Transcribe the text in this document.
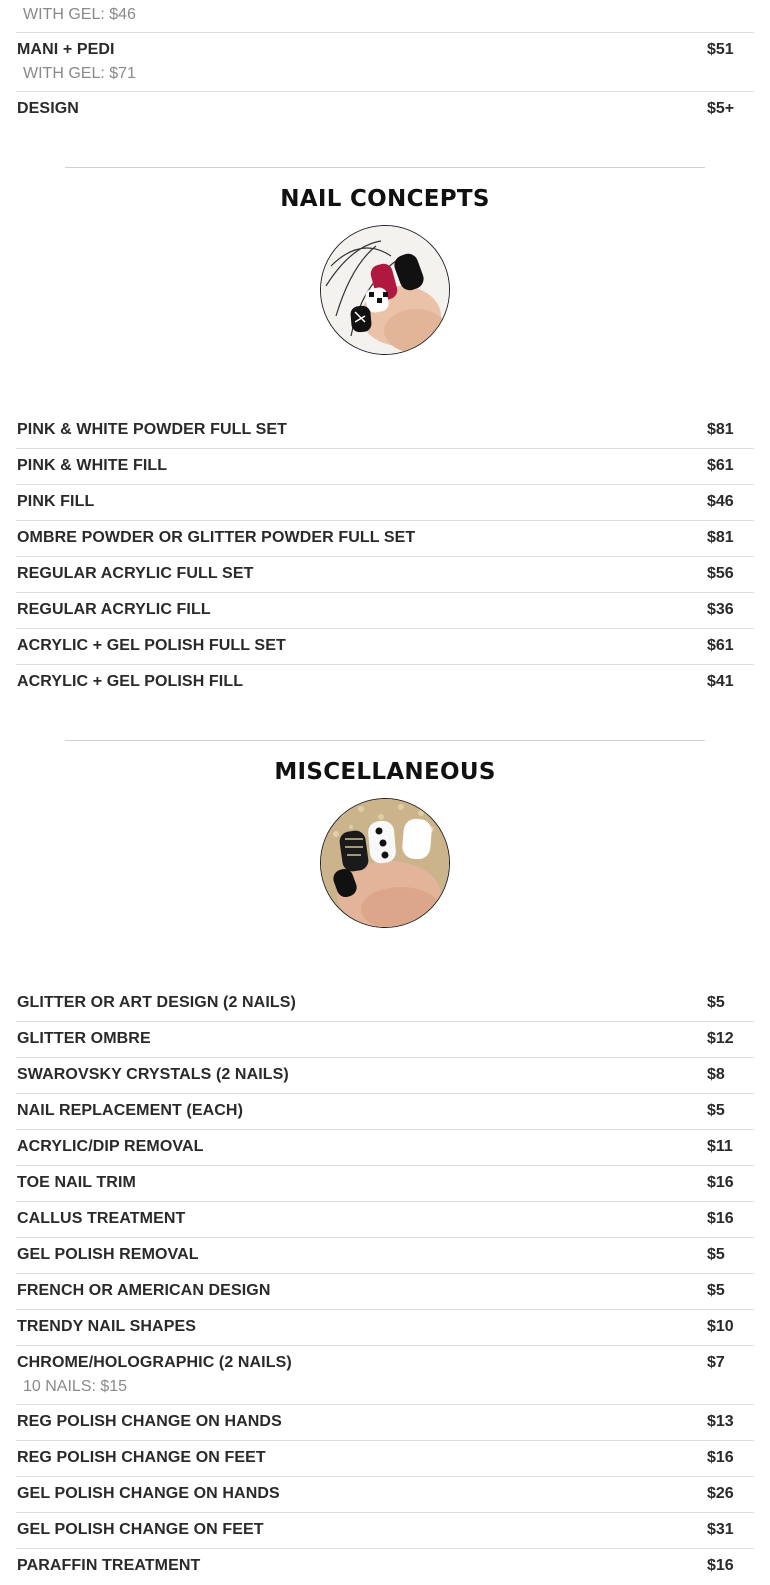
WITH GEL: $46
MANI + PEDI	$51
WITH GEL: $71
DESIGN	$5+
NAIL CONCEPTS
PINK & WHITE POWDER FULL SET	$81
PINK & WHITE FILL	$61
PINK FILL	$46
OMBRE POWDER OR GLITTER POWDER FULL SET	$81
REGULAR ACRYLIC FULL SET	$56
REGULAR ACRYLIC FILL	$36
ACRYLIC + GEL POLISH FULL SET	$61
ACRYLIC + GEL POLISH FILL	$41
MISCELLANEOUS
GLITTER OR ART DESIGN (2 NAILS)	$5
GLITTER OMBRE	$12
SWAROVSKY CRYSTALS (2 NAILS)	$8
NAIL REPLACEMENT (EACH)	$5
ACRYLIC/DIP REMOVAL	$11
TOE NAIL TRIM	$16
CALLUS TREATMENT	$16
GEL POLISH REMOVAL	$5
FRENCH OR AMERICAN DESIGN	$5
TRENDY NAIL SHAPES	$10
CHROME/HOLOGRAPHIC (2 NAILS)	$7
10 NAILS: $15
REG POLISH CHANGE ON HANDS	$13
REG POLISH CHANGE ON FEET	$16
GEL POLISH CHANGE ON HANDS	$26
GEL POLISH CHANGE ON FEET	$31
PARAFFIN TREATMENT	$16
